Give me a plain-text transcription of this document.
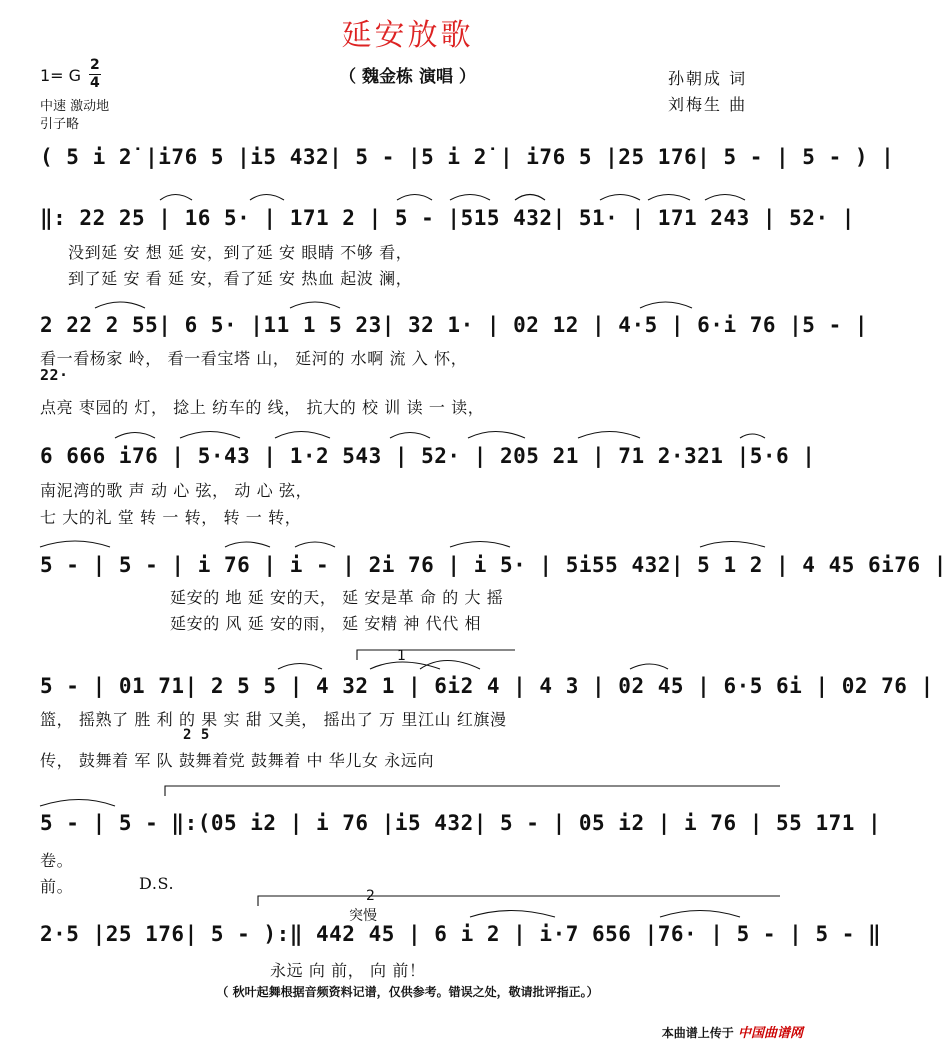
延安放歌
（ 魏金栋 演唱 ）
1= G
2
4
中速 激动地
引子略
孙朝成 词
刘梅生 曲
( 5 i 2̇ |i76 5 |i5 432| 5 - |5 i 2̇ | i76 5 |25 176| 5 - | 5 - ) |
‖: 22 25 | 16 5· | 171 2 | 5 - |515 432| 51· | 171 243 | 52· |
没到延 安 想 延 安，到了延 安 眼睛 不够 看，
到了延 安 看 延 安，看了延 安 热血 起波 澜，
2 22 2 55| 6 5· |11 1 5 23| 32 1· | 02 12 | 4·5 | 6·i 76 |5 - |
看一看杨家 岭， 看一看宝塔 山， 延河的 水啊 流 入 怀，
22·
点亮 枣园的 灯， 捻上 纺车的 线， 抗大的 校 训 读 一 读，
6 666 i76 | 5·43 | 1·2 543 | 52· | 205 21 | 71 2·321 |5·6 |
南泥湾的歌 声 动 心 弦， 动 心 弦，
七 大的礼 堂 转 一 转， 转 一 转，
5 - | 5 - | i 76 | i - | 2i 76 | i 5· | 5i55 432| 5 1 2 | 4 45 6i76 |
延安的 地 延 安的天， 延 安是革 命 的 大 摇
延安的 风 延 安的雨， 延 安精 神 代代 相
1
5 - | 01 71| 2 5 5 | 4 32 1 | 6i2 4 | 4 3 | 02 45 | 6·5 6i | 02 76 |
篮， 摇熟了 胜 利 的 果 实 甜 又美， 摇出了 万 里江山 红旗漫
2 5
传， 鼓舞着 军 队 鼓舞着党 鼓舞着 中 华儿女 永远向
5 - | 5 - ‖:(05 i2 | i 76 |i5 432| 5 - | 05 i2 | i 76 | 55 171 |
卷。
前。	D.S.
2
突慢
2·5 |25 176| 5 - ):‖ 442 45 | 6 i 2 | i·7 656 |76· | 5 - | 5 - ‖
永远 向 前， 向 前！
（ 秋叶起舞根据音频资料记谱，仅供参考。错误之处，敬请批评指正。）
本曲谱上传于 中国曲谱网
